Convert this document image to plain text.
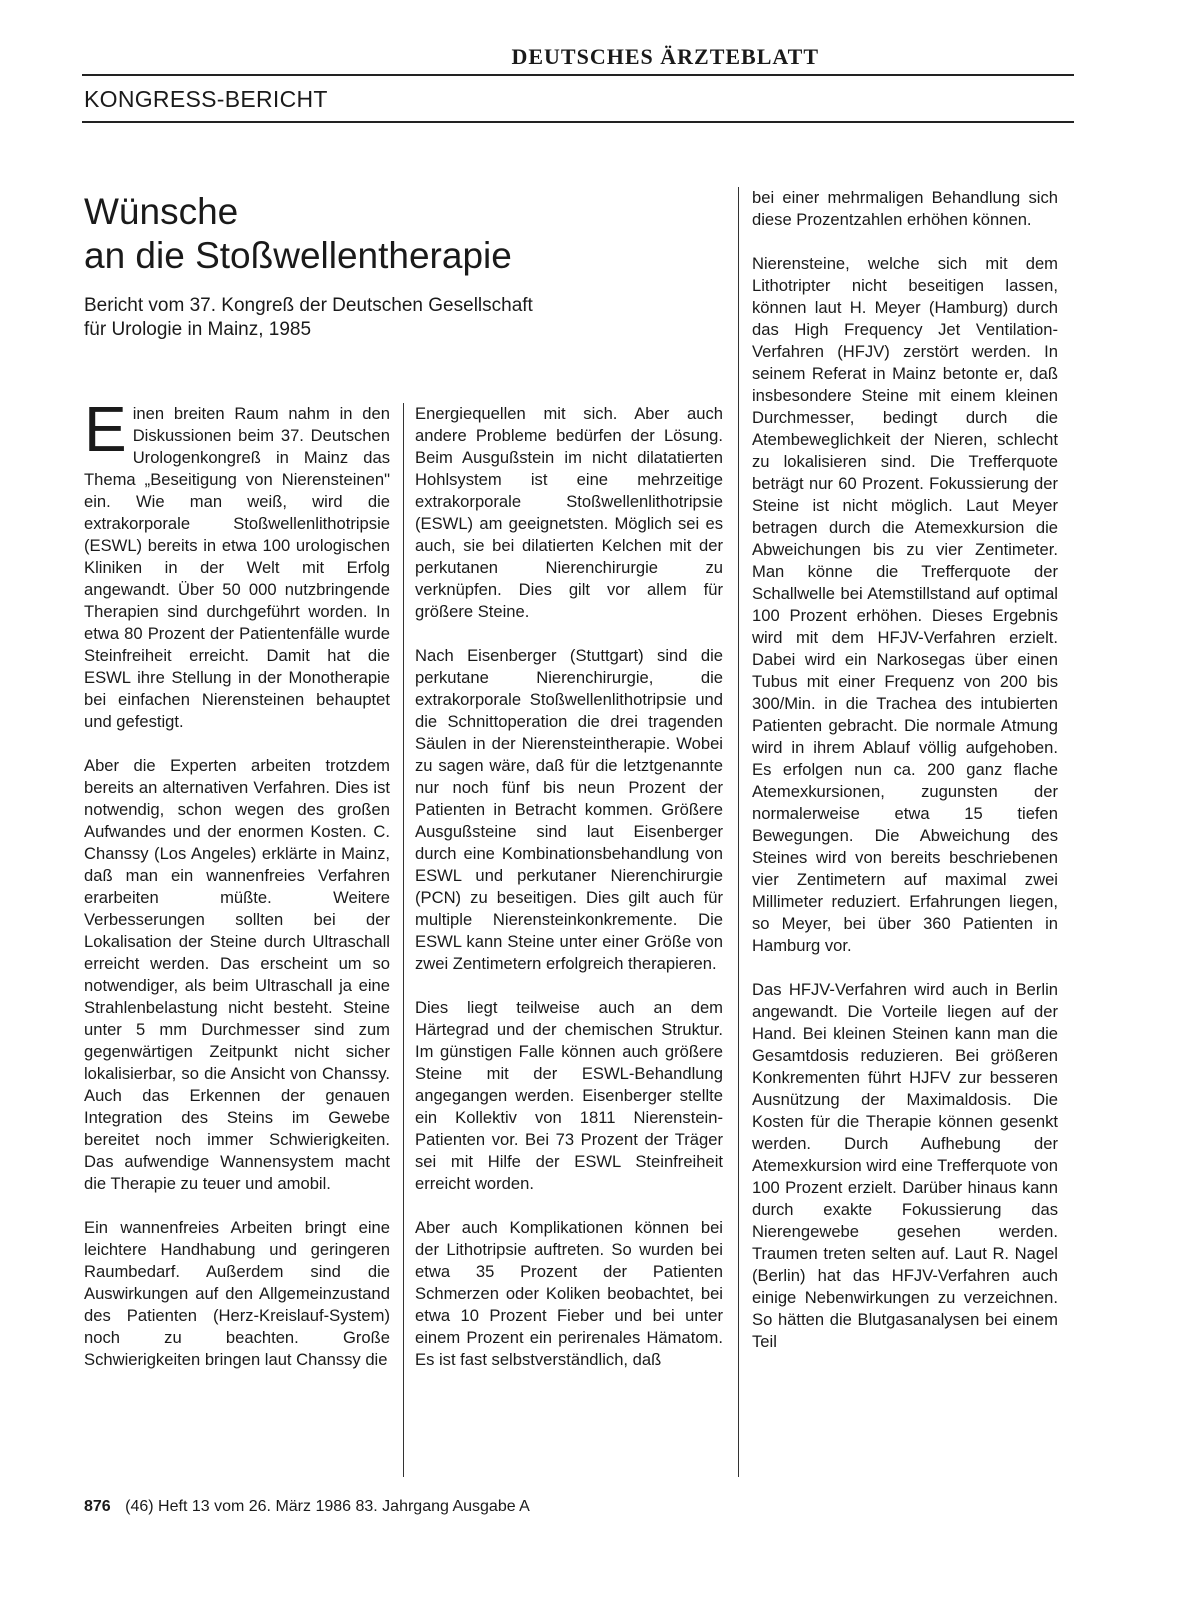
DEUTSCHES ÄRZTEBLATT
KONGRESS-BERICHT
Wünsche
an die Stoßwellentherapie
Bericht vom 37. Kongreß der Deutschen Gesellschaft
für Urologie in Mainz, 1985

Einen breiten Raum nahm in den Diskussionen beim 37. Deutschen Urologenkongreß in Mainz das Thema „Beseitigung von Nierensteinen" ein. Wie man weiß, wird die extrakorporale Stoßwellenlithotripsie (ESWL) bereits in etwa 100 urologischen Kliniken in der Welt mit Erfolg angewandt. Über 50 000 nutzbringende Therapien sind durchgeführt worden. In etwa 80 Prozent der Patientenfälle wurde Steinfreiheit erreicht. Damit hat die ESWL ihre Stellung in der Monotherapie bei einfachen Nierensteinen behauptet und gefestigt.

Aber die Experten arbeiten trotzdem bereits an alternativen Verfahren. Dies ist notwendig, schon wegen des großen Aufwandes und der enormen Kosten. C. Chanssy (Los Angeles) erklärte in Mainz, daß man ein wannenfreies Verfahren erarbeiten müßte. Weitere Verbesserungen sollten bei der Lokalisation der Steine durch Ultraschall erreicht werden. Das erscheint um so notwendiger, als beim Ultraschall ja eine Strahlenbelastung nicht besteht. Steine unter 5 mm Durchmesser sind zum gegenwärtigen Zeitpunkt nicht sicher lokalisierbar, so die Ansicht von Chanssy. Auch das Erkennen der genauen Integration des Steins im Gewebe bereitet noch immer Schwierigkeiten. Das aufwendige Wannensystem macht die Therapie zu teuer und amobil.

Ein wannenfreies Arbeiten bringt eine leichtere Handhabung und geringeren Raumbedarf. Außerdem sind die Auswirkungen auf den Allgemeinzustand des Patienten (Herz-Kreislauf-System) noch zu beachten. Große Schwierigkeiten bringen laut Chanssy die

Energiequellen mit sich. Aber auch andere Probleme bedürfen der Lösung. Beim Ausgußstein im nicht dilatatierten Hohlsystem ist eine mehrzeitige extrakorporale Stoßwellenlithotripsie (ESWL) am geeignetsten. Möglich sei es auch, sie bei dilatierten Kelchen mit der perkutanen Nierenchirurgie zu verknüpfen. Dies gilt vor allem für größere Steine.

Nach Eisenberger (Stuttgart) sind die perkutane Nierenchirurgie, die extrakorporale Stoßwellenlithotripsie und die Schnittoperation die drei tragenden Säulen in der Nierensteintherapie. Wobei zu sagen wäre, daß für die letztgenannte nur noch fünf bis neun Prozent der Patienten in Betracht kommen. Größere Ausgußsteine sind laut Eisenberger durch eine Kombinationsbehandlung von ESWL und perkutaner Nierenchirurgie (PCN) zu beseitigen. Dies gilt auch für multiple Nierensteinkonkremente. Die ESWL kann Steine unter einer Größe von zwei Zentimetern erfolgreich therapieren.

Dies liegt teilweise auch an dem Härtegrad und der chemischen Struktur. Im günstigen Falle können auch größere Steine mit der ESWL-Behandlung angegangen werden. Eisenberger stellte ein Kollektiv von 1811 Nierenstein-Patienten vor. Bei 73 Prozent der Träger sei mit Hilfe der ESWL Steinfreiheit erreicht worden.

Aber auch Komplikationen können bei der Lithotripsie auftreten. So wurden bei etwa 35 Prozent der Patienten Schmerzen oder Koliken beobachtet, bei etwa 10 Prozent Fieber und bei unter einem Prozent ein perirenales Hämatom. Es ist fast selbstverständlich, daß

bei einer mehrmaligen Behandlung sich diese Prozentzahlen erhöhen können.

Nierensteine, welche sich mit dem Lithotripter nicht beseitigen lassen, können laut H. Meyer (Hamburg) durch das High Frequency Jet Ventilation-Verfahren (HFJV) zerstört werden. In seinem Referat in Mainz betonte er, daß insbesondere Steine mit einem kleinen Durchmesser, bedingt durch die Atembeweglichkeit der Nieren, schlecht zu lokalisieren sind. Die Trefferquote beträgt nur 60 Prozent. Fokussierung der Steine ist nicht möglich. Laut Meyer betragen durch die Atemexkursion die Abweichungen bis zu vier Zentimeter. Man könne die Trefferquote der Schallwelle bei Atemstillstand auf optimal 100 Prozent erhöhen. Dieses Ergebnis wird mit dem HFJV-Verfahren erzielt. Dabei wird ein Narkosegas über einen Tubus mit einer Frequenz von 200 bis 300/Min. in die Trachea des intubierten Patienten gebracht. Die normale Atmung wird in ihrem Ablauf völlig aufgehoben. Es erfolgen nun ca. 200 ganz flache Atemexkursionen, zugunsten der normalerweise etwa 15 tiefen Bewegungen. Die Abweichung des Steines wird von bereits beschriebenen vier Zentimetern auf maximal zwei Millimeter reduziert. Erfahrungen liegen, so Meyer, bei über 360 Patienten in Hamburg vor.

Das HFJV-Verfahren wird auch in Berlin angewandt. Die Vorteile liegen auf der Hand. Bei kleinen Steinen kann man die Gesamtdosis reduzieren. Bei größeren Konkrementen führt HJFV zur besseren Ausnützung der Maximaldosis. Die Kosten für die Therapie können gesenkt werden. Durch Aufhebung der Atemexkursion wird eine Trefferquote von 100 Prozent erzielt. Darüber hinaus kann durch exakte Fokussierung das Nierengewebe gesehen werden. Traumen treten selten auf. Laut R. Nagel (Berlin) hat das HFJV-Verfahren auch einige Nebenwirkungen zu verzeichnen. So hätten die Blutgasanalysen bei einem Teil

876 (46) Heft 13 vom 26. März 1986 83. Jahrgang Ausgabe A
